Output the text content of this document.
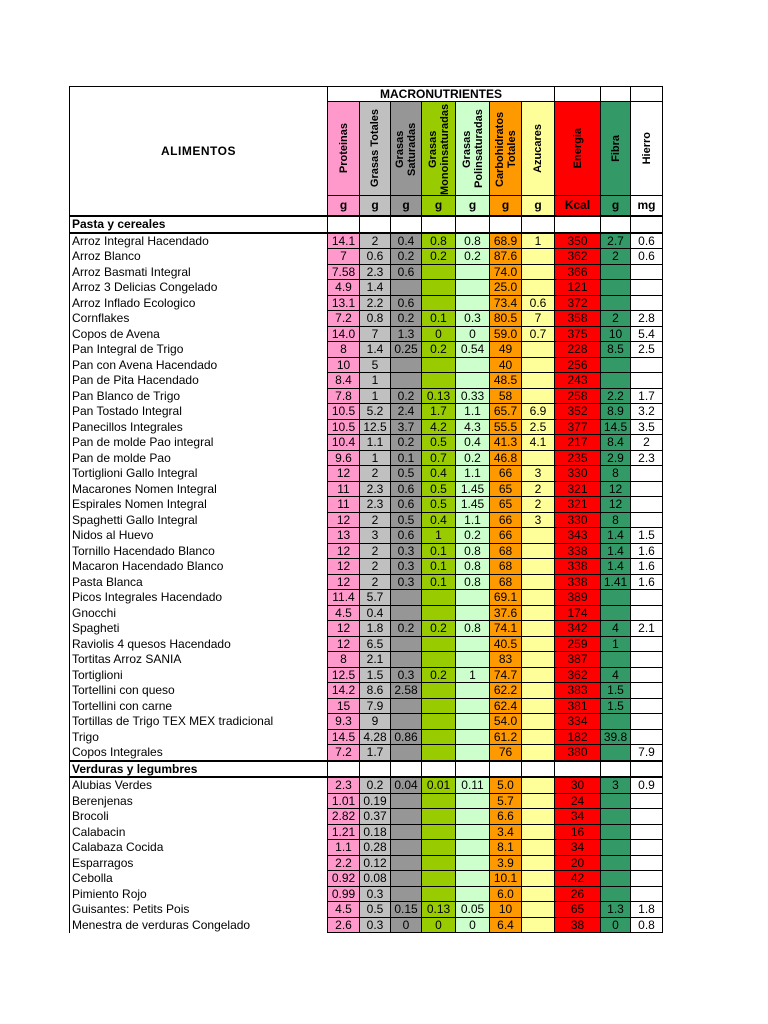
ALIMENTOS	MACRONUTRIENTES									

	Proteinas	Grasas Totales	Grasas Saturadas	Grasas Monoinsaturadas	Grasas Polinsaturadas	Carbohidratos Totales	Azucares	Energia	Fibra	Hierro

	g	g	g	g	g	g	g	Kcal	g	mg
Pasta y cereales										
Arroz Integral Hacendado	14.1	2	0.4	0.8	0.8	68.9	1	350	2.7	0.6
Arroz Blanco	7	0.6	0.2	0.2	0.2	87.6		362	2	0.6
Arroz Basmati Integral	7.58	2.3	0.6			74.0		366		
Arroz 3 Delicias Congelado	4.9	1.4				25.0		121		
Arroz Inflado Ecologico	13.1	2.2	0.6			73.4	0.6	372		
Cornflakes	7.2	0.8	0.2	0.1	0.3	80.5	7	358	2	2.8
Copos de Avena	14.0	7	1.3	0	0	59.0	0.7	375	10	5.4
Pan Integral de Trigo	8	1.4	0.25	0.2	0.54	49		228	8.5	2.5
Pan con Avena Hacendado	10	5				40		256		
Pan de Pita Hacendado	8.4	1				48.5		243		
Pan Blanco de Trigo	7.8	1	0.2	0.13	0.33	58		258	2.2	1.7
Pan Tostado Integral	10.5	5.2	2.4	1.7	1.1	65.7	6.9	352	8.9	3.2
Panecillos Integrales	10.5	12.5	3.7	4.2	4.3	55.5	2.5	377	14.5	3.5
Pan de molde Pao integral	10.4	1.1	0.2	0.5	0.4	41.3	4.1	217	8.4	2
Pan de molde Pao	9.6	1	0.1	0.7	0.2	46.8		235	2.9	2.3
Tortiglioni Gallo Integral	12	2	0.5	0.4	1.1	66	3	330	8	
Macarones Nomen Integral	11	2.3	0.6	0.5	1.45	65	2	321	12	
Espirales Nomen Integral	11	2.3	0.6	0.5	1.45	65	2	321	12	
Spaghetti Gallo Integral	12	2	0.5	0.4	1.1	66	3	330	8	
Nidos al Huevo	13	3	0.6	1	0.2	66		343	1.4	1.5
Tornillo Hacendado Blanco	12	2	0.3	0.1	0.8	68		338	1.4	1.6
Macaron Hacendado Blanco	12	2	0.3	0.1	0.8	68		338	1.4	1.6
Pasta Blanca	12	2	0.3	0.1	0.8	68		338	1.41	1.6
Picos Integrales Hacendado	11.4	5.7				69.1		389		
Gnocchi	4.5	0.4				37.6		174		
Spagheti	12	1.8	0.2	0.2	0.8	74.1		342	4	2.1
Raviolis 4 quesos Hacendado	12	6.5				40.5		259	1	
Tortitas Arroz SANIA	8	2.1				83		387		
Tortiglioni	12.5	1.5	0.3	0.2	1	74.7		362	4	
Tortellini con queso	14.2	8.6	2.58			62.2		383	1.5	
Tortellini con carne	15	7.9				62.4		381	1.5	
Tortillas de Trigo TEX MEX tradicional	9.3	9				54.0		334		
Trigo	14.5	4.28	0.86			61.2		182	39.8	
Copos Integrales	7.2	1.7				76		380		7.9
Verduras y legumbres										
Alubias Verdes	2.3	0.2	0.04	0.01	0.11	5.0		30	3	0.9
Berenjenas	1.01	0.19				5.7		24		
Brocoli	2.82	0.37				6.6		34		
Calabacin	1.21	0.18				3.4		16		
Calabaza Cocida	1.1	0.28				8.1		34		
Esparragos	2.2	0.12				3.9		20		
Cebolla	0.92	0.08				10.1		42		
Pimiento Rojo	0.99	0.3				6.0		26		
Guisantes: Petits Pois	4.5	0.5	0.15	0.13	0.05	10		65	1.3	1.8
Menestra de verduras Congelado	2.6	0.3	0	0	0	6.4		38	0	0.8
